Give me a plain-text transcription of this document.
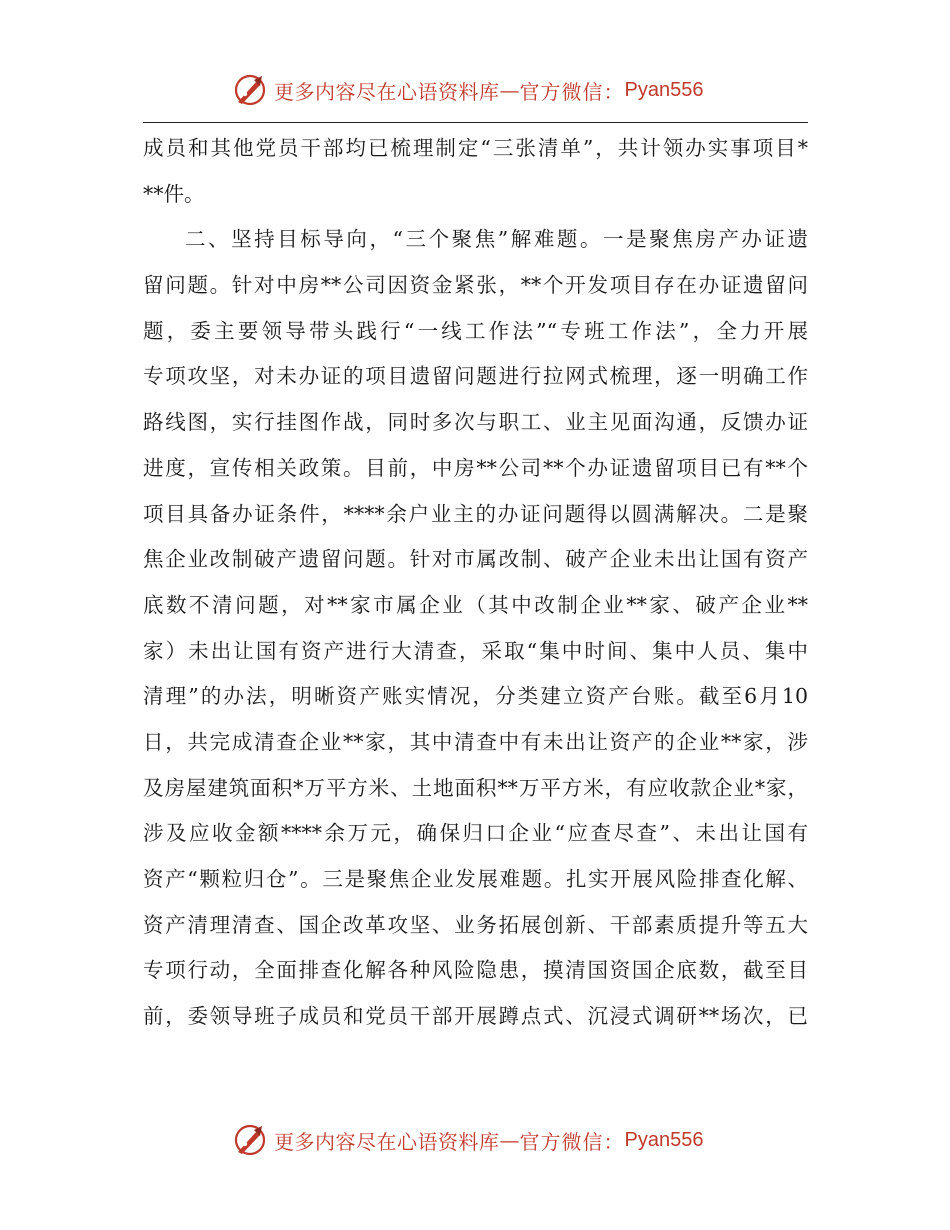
更多内容尽在心语资料库 — 官方微信： Pyan556
成员和其他党员干部均已梳理制定“三张清单”，共计领办实事项目*
**件。
二、坚持目标导向，“三个聚焦”解难题。一是聚焦房产办证遗
留问题。针对中房**公司因资金紧张，**个开发项目存在办证遗留问
题，委主要领导带头践行“一线工作法”“专班工作法”，全力开展
专项攻坚，对未办证的项目遗留问题进行拉网式梳理，逐一明确工作
路线图，实行挂图作战，同时多次与职工、业主见面沟通，反馈办证
进度，宣传相关政策。目前，中房**公司**个办证遗留项目已有**个
项目具备办证条件，****余户业主的办证问题得以圆满解决。二是聚
焦企业改制破产遗留问题。针对市属改制、破产企业未出让国有资产
底数不清问题，对**家市属企业（其中改制企业**家、破产企业**
家）未出让国有资产进行大清查，采取“集中时间、集中人员、集中
清理”的办法，明晰资产账实情况，分类建立资产台账。截至6月10
日，共完成清查企业**家，其中清查中有未出让资产的企业**家，涉
及房屋建筑面积*万平方米、土地面积**万平方米，有应收款企业*家，
涉及应收金额****余万元，确保归口企业“应查尽查”、未出让国有
资产“颗粒归仓”。三是聚焦企业发展难题。扎实开展风险排查化解、
资产清理清查、国企改革攻坚、业务拓展创新、干部素质提升等五大
专项行动，全面排查化解各种风险隐患，摸清国资国企底数，截至目
前，委领导班子成员和党员干部开展蹲点式、沉浸式调研**场次，已
更多内容尽在心语资料库 — 官方微信： Pyan556
